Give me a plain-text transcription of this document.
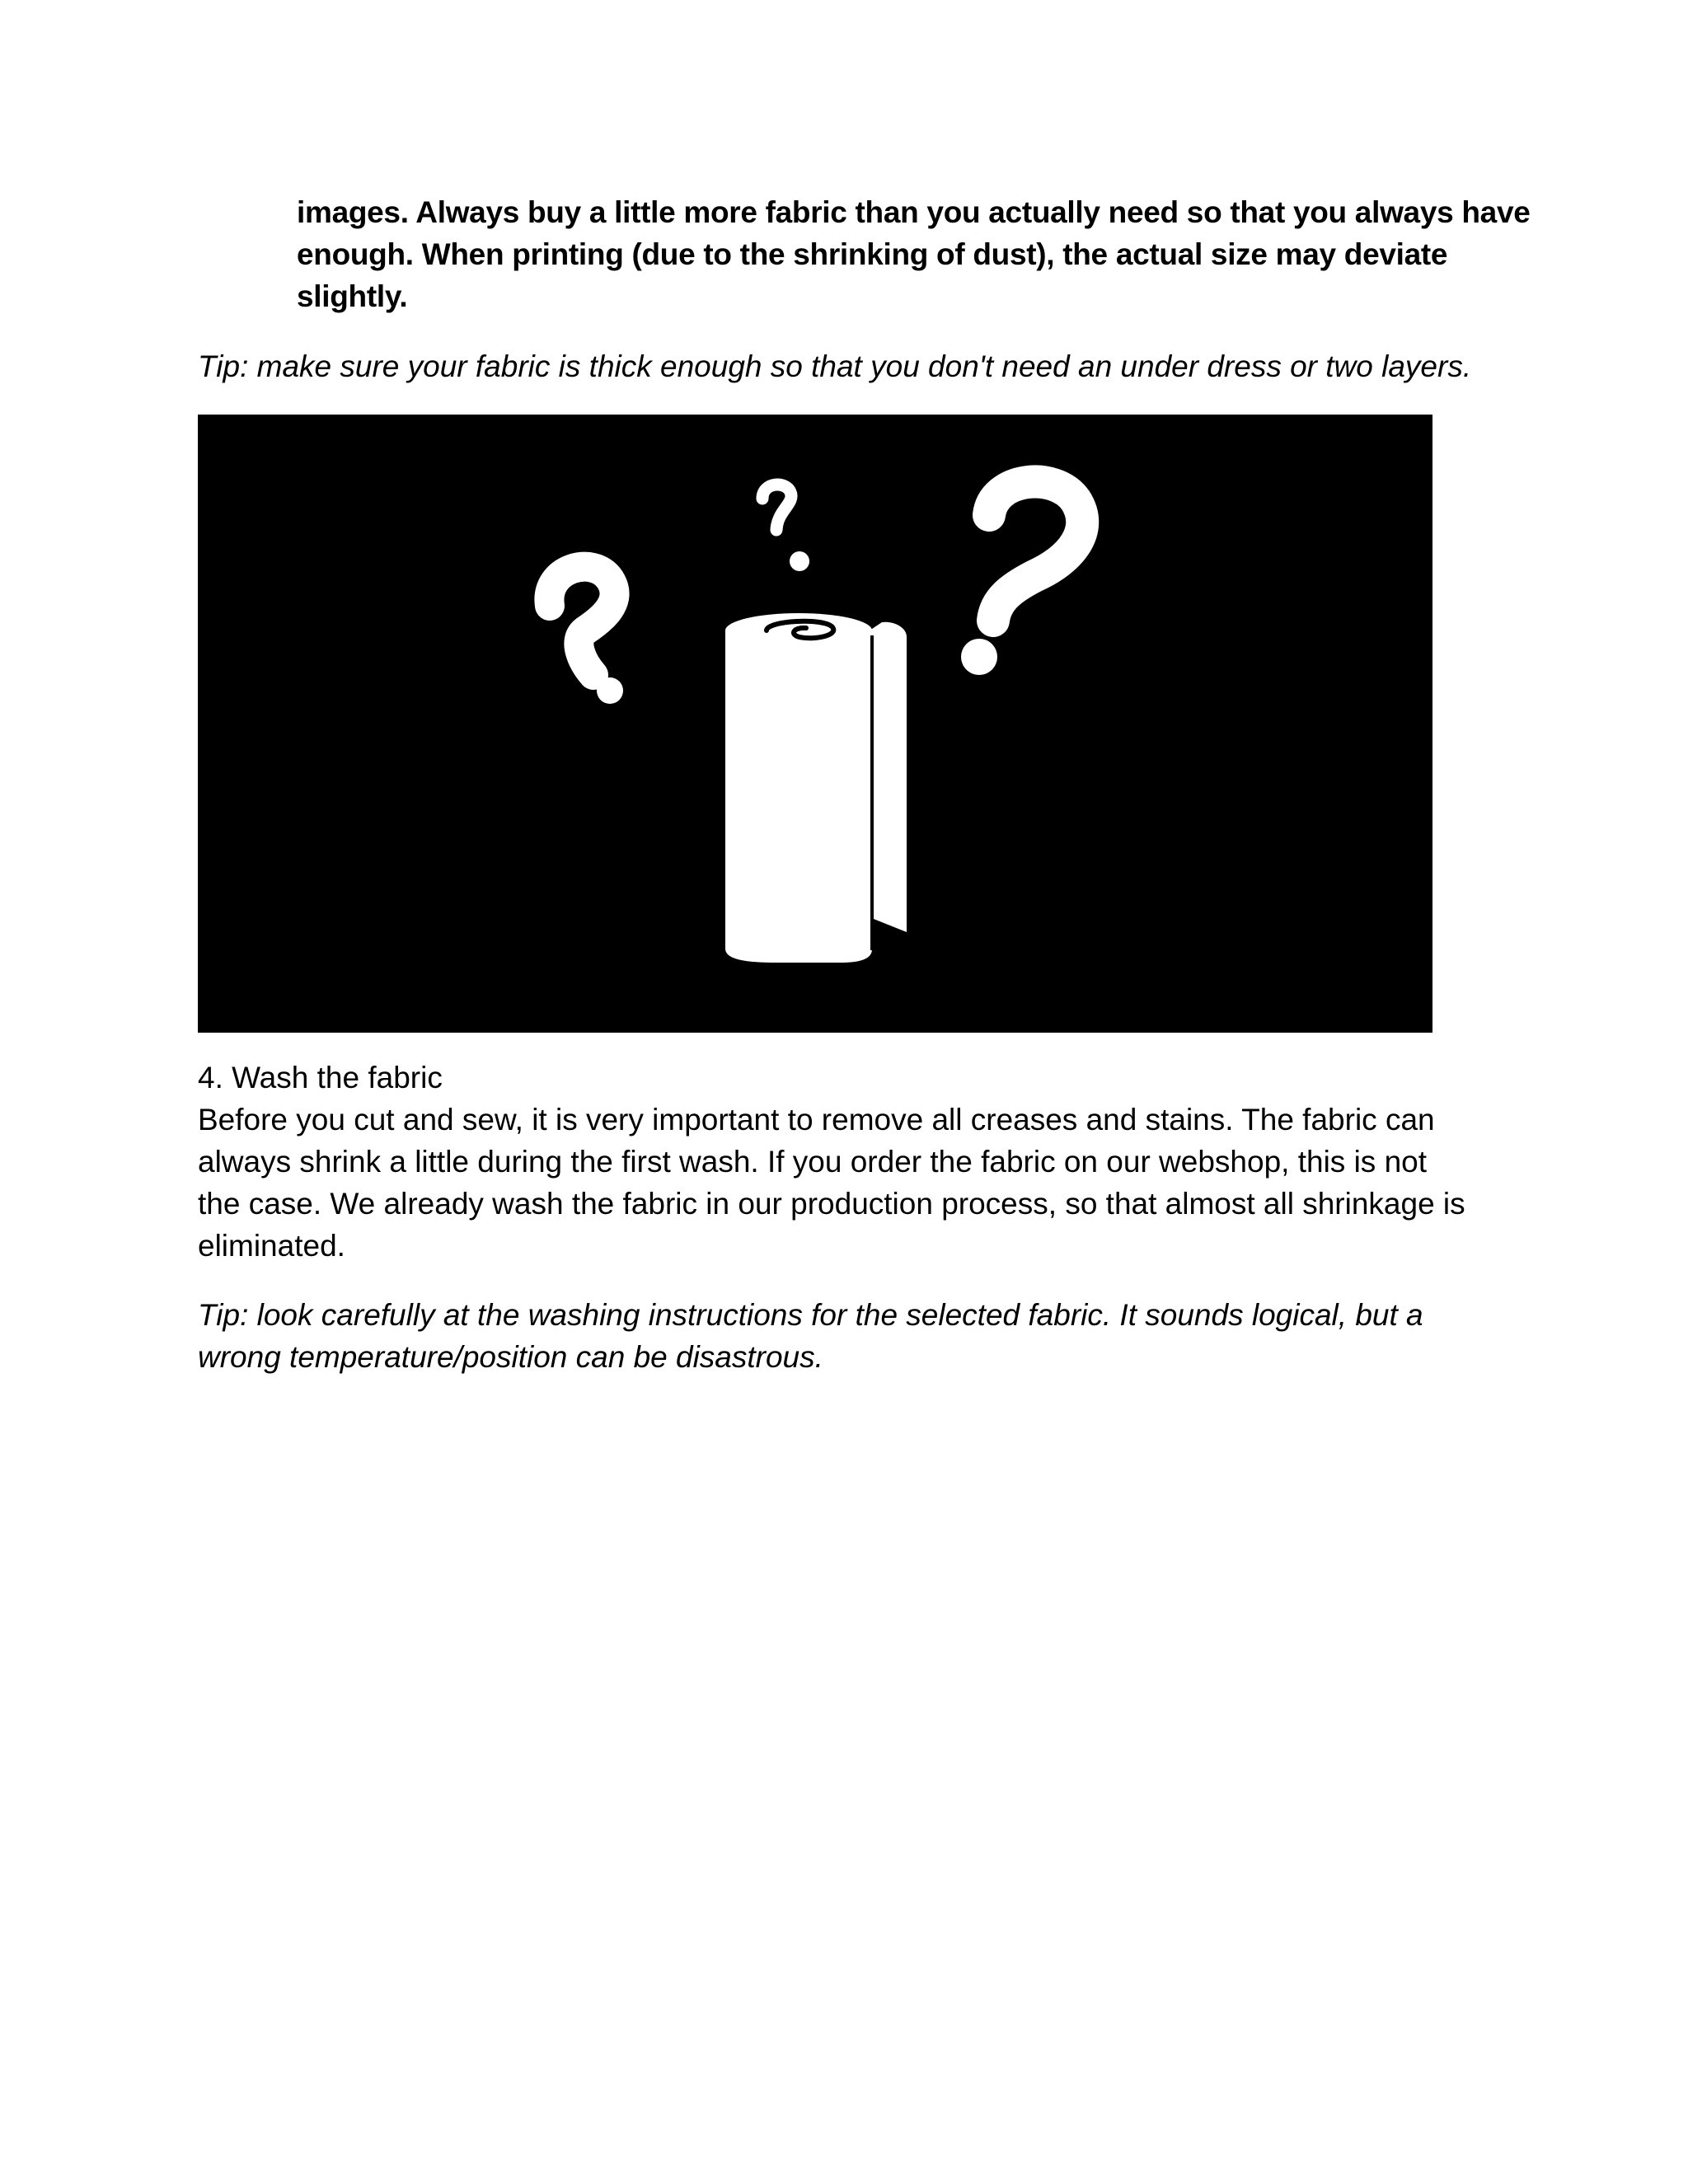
images. Always buy a little more fabric than you actually need so that you always have
enough. When printing (due to the shrinking of dust), the actual size may deviate
slightly.
Tip: make sure your fabric is thick enough so that you don't need an under dress or two layers.
4. Wash the fabric
Before you cut and sew, it is very important to remove all creases and stains. The fabric can
always shrink a little during the first wash. If you order the fabric on our webshop, this is not
the case. We already wash the fabric in our production process, so that almost all shrinkage is
eliminated.
Tip: look carefully at the washing instructions for the selected fabric. It sounds logical, but a
wrong temperature/position can be disastrous.
